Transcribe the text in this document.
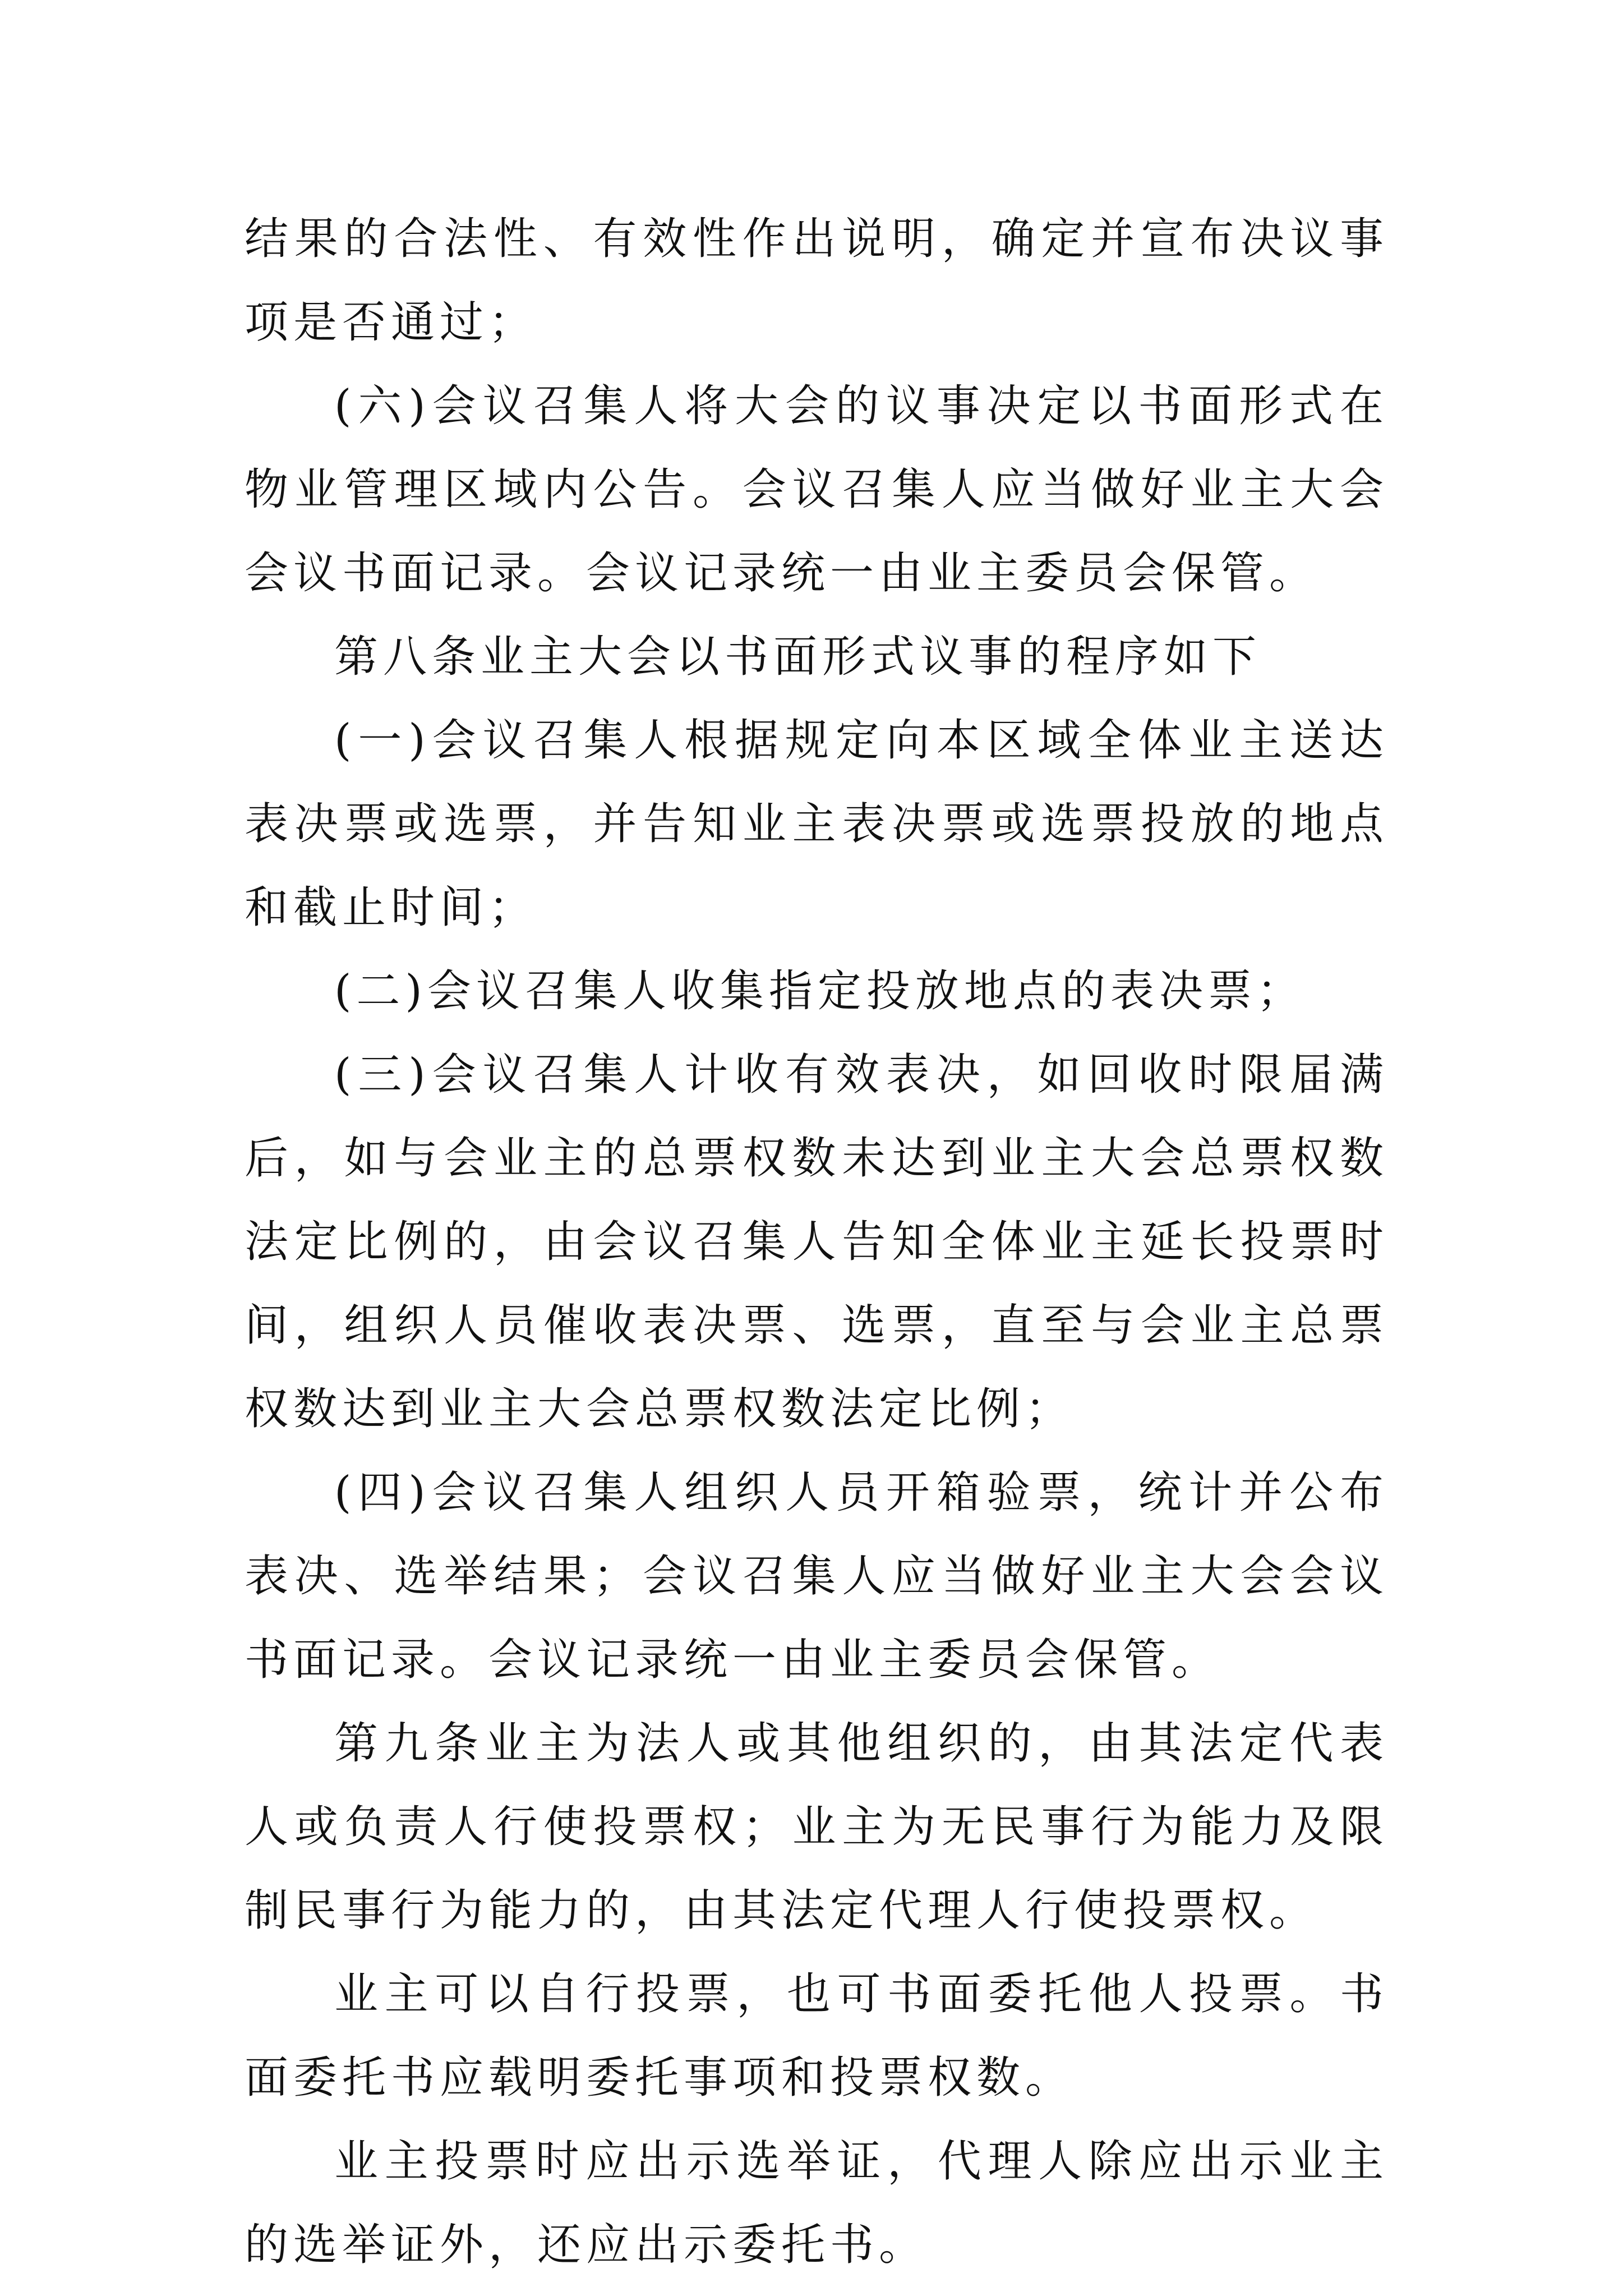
结果的合法性、有效性作出说明，确定并宣布决议事项是否通过；

(六)会议召集人将大会的议事决定以书面形式在物业管理区域内公告。会议召集人应当做好业主大会会议书面记录。会议记录统一由业主委员会保管。

第八条业主大会以书面形式议事的程序如下

(一)会议召集人根据规定向本区域全体业主送达表决票或选票，并告知业主表决票或选票投放的地点和截止时间；

(二)会议召集人收集指定投放地点的表决票；

(三)会议召集人计收有效表决，如回收时限届满后，如与会业主的总票权数未达到业主大会总票权数法定比例的，由会议召集人告知全体业主延长投票时间，组织人员催收表决票、选票，直至与会业主总票权数达到业主大会总票权数法定比例；

(四)会议召集人组织人员开箱验票，统计并公布表决、选举结果；会议召集人应当做好业主大会会议书面记录。会议记录统一由业主委员会保管。

第九条业主为法人或其他组织的，由其法定代表人或负责人行使投票权；业主为无民事行为能力及限制民事行为能力的，由其法定代理人行使投票权。

业主可以自行投票，也可书面委托他人投票。书面委托书应载明委托事项和投票权数。

业主投票时应出示选举证，代理人除应出示业主的选举证外，还应出示委托书。
